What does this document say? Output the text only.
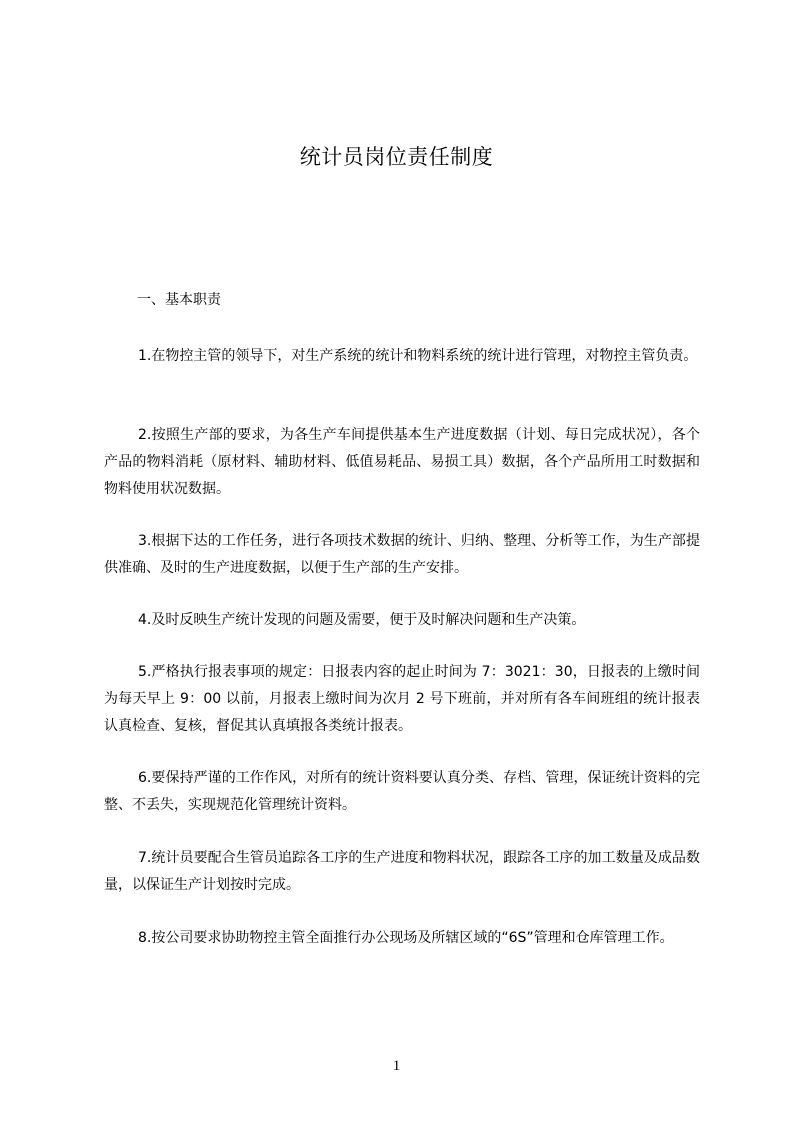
统计员岗位责任制度
一、基本职责
1.在物控主管的领导下，对生产系统的统计和物料系统的统计进行管理，对物控主管负责。
2.按照生产部的要求，为各生产车间提供基本生产进度数据（计划、每日完成状况），各个产品的物料消耗（原材料、辅助材料、低值易耗品、易损工具）数据，各个产品所用工时数据和物料使用状况数据。
3.根据下达的工作任务，进行各项技术数据的统计、归纳、整理、分析等工作，为生产部提供准确、及时的生产进度数据，以便于生产部的生产安排。
4.及时反映生产统计发现的问题及需要，便于及时解决问题和生产决策。
5.严格执行报表事项的规定：日报表内容的起止时间为 7：3021：30，日报表的上缴时间为每天早上 9：00 以前，月报表上缴时间为次月 2 号下班前，并对所有各车间班组的统计报表认真检查、复核，督促其认真填报各类统计报表。
6.要保持严谨的工作作风，对所有的统计资料要认真分类、存档、管理，保证统计资料的完整、不丢失，实现规范化管理统计资料。
7.统计员要配合生管员追踪各工序的生产进度和物料状况，跟踪各工序的加工数量及成品数量，以保证生产计划按时完成。
8.按公司要求协助物控主管全面推行办公现场及所辖区域的“6S”管理和仓库管理工作。
1
